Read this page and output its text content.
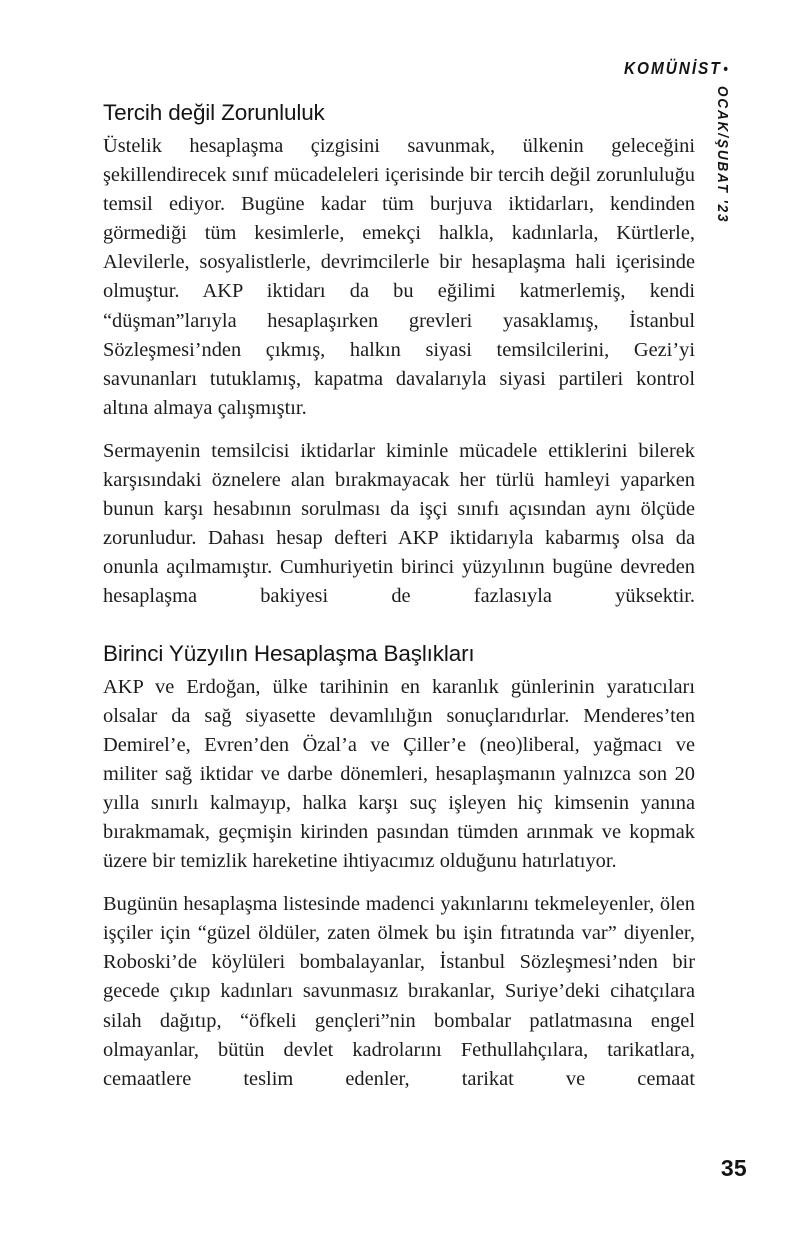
KOMÜNİST •
OCAK/ŞUBAT '23
Tercih değil Zorunluluk

Üstelik hesaplaşma çizgisini savunmak, ülkenin geleceğini şekillendirecek sınıf mücadeleleri içerisinde bir tercih değil zorunluluğu temsil ediyor. Bugüne kadar tüm burjuva iktidarları, kendinden görmediği tüm kesimlerle, emekçi halkla, kadınlarla, Kürtlerle, Alevilerle, sosyalistlerle, devrimcilerle bir hesaplaşma hali içerisinde olmuştur. AKP iktidarı da bu eğilimi katmerlemiş, kendi “düşman”larıyla hesaplaşırken grevleri yasaklamış, İstanbul Sözleşmesi’nden çıkmış, halkın siyasi temsilcilerini, Gezi’yi savunanları tutuklamış, kapatma davalarıyla siyasi partileri kontrol altına almaya çalışmıştır.

Sermayenin temsilcisi iktidarlar kiminle mücadele ettiklerini bilerek karşısındaki öznelere alan bırakmayacak her türlü hamleyi yaparken bunun karşı hesabının sorulması da işçi sınıfı açısından aynı ölçüde zorunludur. Dahası hesap defteri AKP iktidarıyla kabarmış olsa da onunla açılmamıştır. Cumhuriyetin birinci yüzyılının bugüne devreden hesaplaşma bakiyesi de fazlasıyla yüksektir.

Birinci Yüzyılın Hesaplaşma Başlıkları

AKP ve Erdoğan, ülke tarihinin en karanlık günlerinin yaratıcıları olsalar da sağ siyasette devamlılığın sonuçlarıdırlar. Menderes’ten Demirel’e, Evren’den Özal’a ve Çiller’e (neo)liberal, yağmacı ve militer sağ iktidar ve darbe dönemleri, hesaplaşmanın yalnızca son 20 yılla sınırlı kalmayıp, halka karşı suç işleyen hiç kimsenin yanına bırakmamak, geçmişin kirinden pasından tümden arınmak ve kopmak üzere bir temizlik hareketine ihtiyacımız olduğunu hatırlatıyor.

Bugünün hesaplaşma listesinde madenci yakınlarını tekmeleyenler, ölen işçiler için “güzel öldüler, zaten ölmek bu işin fıtratında var” diyenler, Roboski’de köylüleri bombalayanlar, İstanbul Sözleşmesi’nden bir gecede çıkıp kadınları savunmasız bırakanlar, Suriye’deki cihatçılara silah dağıtıp, “öfkeli gençleri”nin bombalar patlatmasına engel olmayanlar, bütün devlet kadrolarını Fethullahçılara, tarikatlara, cemaatlere teslim edenler, tarikat ve cemaat

35
